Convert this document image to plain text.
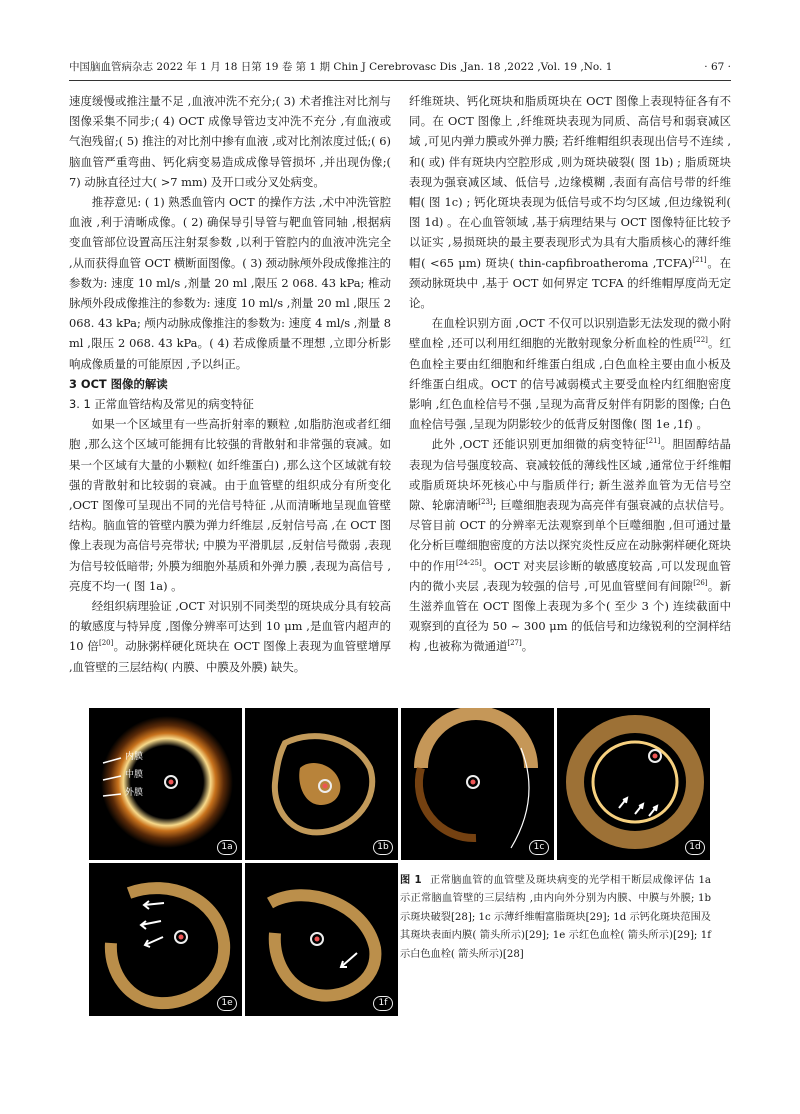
中国脑血管病杂志 2022 年 1 月 18 日第 19 卷 第 1 期 Chin J Cerebrovasc Dis ,Jan. 18 ,2022 ,Vol. 19 ,No. 1	· 67 ·

速度缓慢或推注量不足 ,血液冲洗不充分;( 3) 术者推注对比剂与图像采集不同步;( 4) OCT 成像导管边支冲洗不充分 ,有血液或气泡残留;( 5) 推注的对比剂中掺有血液 ,或对比剂浓度过低;( 6) 脑血管严重弯曲、钙化病变易造成成像导管损坏 ,并出现伪像;( 7) 动脉直径过大( >7 mm) 及开口或分叉处病变。

推荐意见: ( 1) 熟悉血管内 OCT 的操作方法 ,术中冲洗管腔血液 ,利于清晰成像。( 2) 确保导引导管与靶血管同轴 ,根据病变血管部位设置高压注射泵参数 ,以利于管腔内的血液冲洗完全 ,从而获得血管 OCT 横断面图像。( 3) 颈动脉颅外段成像推注的参数为: 速度 10 ml/s ,剂量 20 ml ,限压 2 068. 43 kPa; 椎动脉颅外段成像推注的参数为: 速度 10 ml/s ,剂量 20 ml ,限压 2 068. 43 kPa; 颅内动脉成像推注的参数为: 速度 4 ml/s ,剂量 8 ml ,限压 2 068. 43 kPa。( 4) 若成像质量不理想 ,立即分析影响成像质量的可能原因 ,予以纠正。

3 OCT 图像的解读

3. 1 正常血管结构及常见的病变特征

如果一个区域里有一些高折射率的颗粒 ,如脂肪泡或者红细胞 ,那么这个区域可能拥有比较强的背散射和非常强的衰减。如果一个区域有大量的小颗粒( 如纤维蛋白) ,那么这个区域就有较强的背散射和比较弱的衰减。由于血管壁的组织成分有所变化 ,OCT 图像可呈现出不同的光信号特征 ,从而清晰地呈现血管壁结构。脑血管的管壁内膜为弹力纤维层 ,反射信号高 ,在 OCT 图像上表现为高信号亮带状; 中膜为平滑肌层 ,反射信号微弱 ,表现为信号较低暗带; 外膜为细胞外基质和外弹力膜 ,表现为高信号 ,亮度不均一( 图 1a) 。

经组织病理验证 ,OCT 对识别不同类型的斑块成分具有较高的敏感度与特异度 ,图像分辨率可达到 10 μm ,是血管内超声的 10 倍[20]。动脉粥样硬化斑块在 OCT 图像上表现为血管壁增厚 ,血管壁的三层结构( 内膜、中膜及外膜) 缺失。

纤维斑块、钙化斑块和脂质斑块在 OCT 图像上表现特征各有不同。在 OCT 图像上 ,纤维斑块表现为同质、高信号和弱衰减区域 ,可见内弹力膜或外弹力膜; 若纤维帽组织表现出信号不连续 ,和( 或) 伴有斑块内空腔形成 ,则为斑块破裂( 图 1b) ; 脂质斑块表现为强衰减区域、低信号 ,边缘模糊 ,表面有高信号带的纤维帽( 图 1c) ; 钙化斑块表现为低信号或不均匀区域 ,但边缘锐利( 图 1d) 。在心血管领域 ,基于病理结果与 OCT 图像特征比较予以证实 ,易损斑块的最主要表现形式为具有大脂质核心的薄纤维帽( <65 μm) 斑块( thin-capfibroatheroma ,TCFA)[21]。在颈动脉斑块中 ,基于 OCT 如何界定 TCFA 的纤维帽厚度尚无定论。

在血栓识别方面 ,OCT 不仅可以识别造影无法发现的微小附壁血栓 ,还可以利用红细胞的光散射现象分析血栓的性质[22]。红色血栓主要由红细胞和纤维蛋白组成 ,白色血栓主要由血小板及纤维蛋白组成。OCT 的信号减弱模式主要受血栓内红细胞密度影响 ,红色血栓信号不强 ,呈现为高背反射伴有阴影的图像; 白色血栓信号强 ,呈现为阴影较少的低背反射图像( 图 1e ,1f) 。

此外 ,OCT 还能识别更加细微的病变特征[21]。胆固醇结晶表现为信号强度较高、衰减较低的薄线性区域 ,通常位于纤维帽或脂质斑块坏死核心中与脂质伴行; 新生滋养血管为无信号空隙、轮廓清晰[23]; 巨噬细胞表现为高亮伴有强衰减的点状信号。尽管目前 OCT 的分辨率无法观察到单个巨噬细胞 ,但可通过量化分析巨噬细胞密度的方法以探究炎性反应在动脉粥样硬化斑块中的作用[24-25]。OCT 对夹层诊断的敏感度较高 ,可以发现血管内的微小夹层 ,表现为较强的信号 ,可见血管壁间有间隙[26]。新生滋养血管在 OCT 图像上表现为多个( 至少 3 个) 连续截面中观察到的直径为 50 ~ 300 μm 的低信号和边缘锐利的空洞样结构 ,也被称为微通道[27]。

内膜
中膜
外膜
1a	1b	1c	1d
1e	1f
图 1 正常脑血管的血管壁及斑块病变的光学相干断层成像评估 1a 示正常脑血管壁的三层结构 ,由内向外分别为内膜、中膜与外膜; 1b 示斑块破裂[28]; 1c 示薄纤维帽富脂斑块[29]; 1d 示钙化斑块范围及其斑块表面内膜( 箭头所示)[29]; 1e 示红色血栓( 箭头所示)[29]; 1f 示白色血栓( 箭头所示)[28]
